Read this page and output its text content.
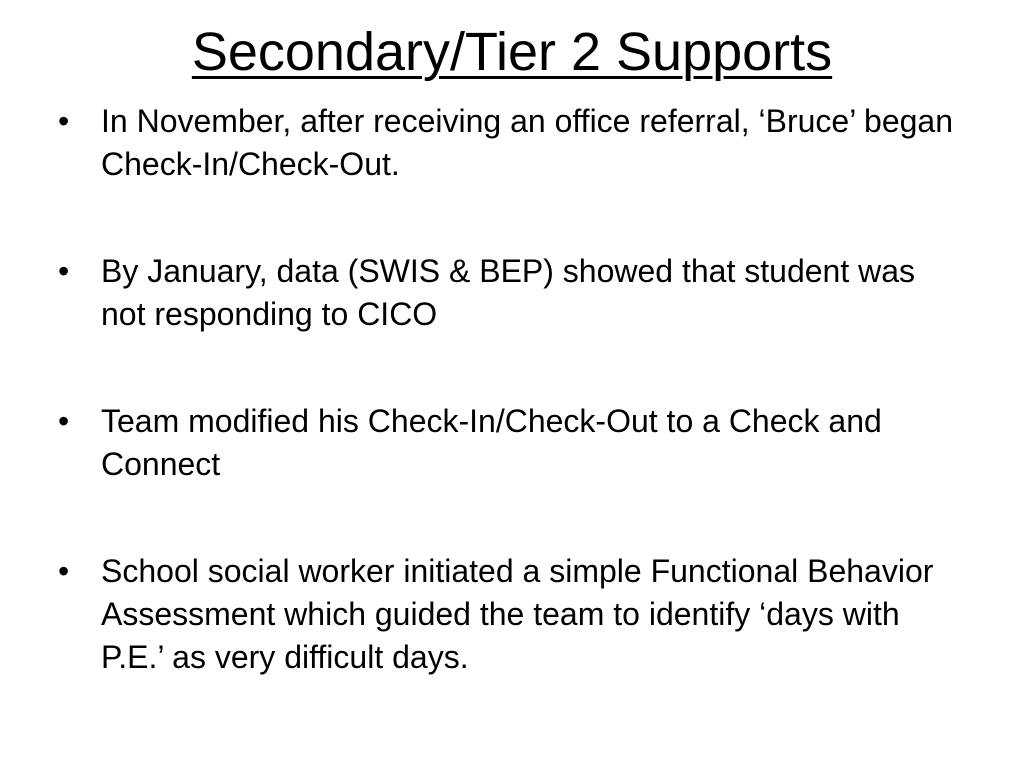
Secondary/Tier 2 Supports
• In November, after receiving an office referral, ‘Bruce’ began Check-In/Check-Out.
• By January, data (SWIS & BEP) showed that student was not responding to CICO
• Team modified his Check-In/Check-Out to a Check and Connect
• School social worker initiated a simple Functional Behavior Assessment which guided the team to identify ‘days with P.E.’ as very difficult days.
